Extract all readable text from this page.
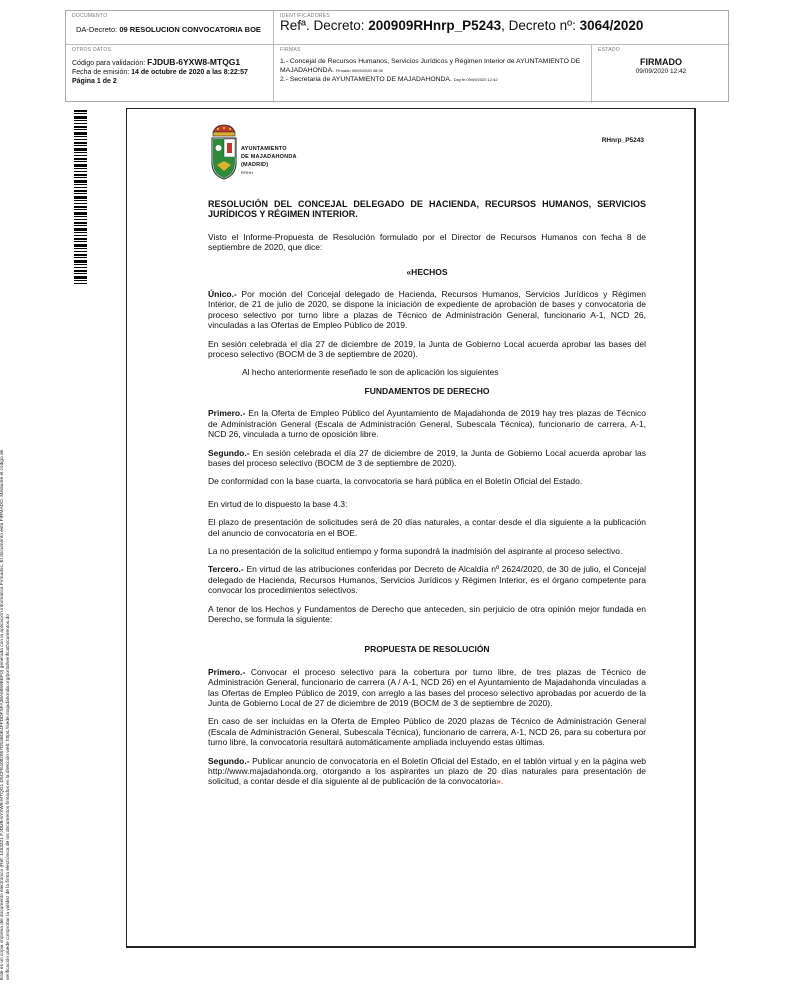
DOCUMENTO
DA-Decreto: 09 RESOLUCION CONVOCATORIA BOE
IDENTIFICADORES
Refª. Decreto: 200909RHnrp_P5243, Decreto nº: 3064/2020
OTROS DATOS
Código para validación: FJDUB-6YXW8-MTQG1
Fecha de emisión: 14 de octubre de 2020 a las 8:22:57
Página 1 de 2
FIRMAS
1.- Concejal de Recursos Humanos, Servicios Jurídicos y Régimen Interior de AYUNTAMIENTO DE MAJADAHONDA. Firmado 09/09/2020 08:36
2.- Secretaria de AYUNTAMIENTO DE MAJADAHONDA. Doy fe 09/09/2020 12:42
ESTADO
FIRMADO
09/09/2020 12:42
Este es un copia impresa del documento electrónico (Ref: 1463321 FJDUB-6YXW8-MTQG1 D5CFE4082857D536DE4FFDDFSFA38A6959EEF0) generada con la aplicación informática Firmadoc. El documento está FIRMADO. Mediante el código de verificación puede comprobar la validez de la firma electrónica de los documentos firmados en la dirección web: https://sede.majadahonda.org/portal/verificaDocumentos.do
AYUNTAMIENTO
DE MAJADAHONDA
(MADRID)
RRHH
RHnrp_P5243

RESOLUCIÓN DEL CONCEJAL DELEGADO DE HACIENDA, RECURSOS HUMANOS, SERVICIOS JURÍDICOS Y RÉGIMEN INTERIOR.

Visto el Informe-Propuesta de Resolución formulado por el Director de Recursos Humanos con fecha 8 de septiembre de 2020, que dice:

«HECHOS

Único.- Por moción del Concejal delegado de Hacienda, Recursos Humanos, Servicios Jurídicos y Régimen Interior, de 21 de julio de 2020, se dispone la iniciación de expediente de aprobación de bases y convocatoria de proceso selectivo por turno libre a plazas de Técnico de Administración General, funcionario A-1, NCD 26, vinculadas a las Ofertas de Empleo Público de 2019.

En sesión celebrada el día 27 de diciembre de 2019, la Junta de Gobierno Local acuerda aprobar las bases del proceso selectivo (BOCM de 3 de septiembre de 2020).

Al hecho anteriormente reseñado le son de aplicación los siguientes

FUNDAMENTOS DE DERECHO

Primero.- En la Oferta de Empleo Público del Ayuntamiento de Majadahonda de 2019 hay tres plazas de Técnico de Administración General (Escala de Administración General, Subescala Técnica), funcionario de carrera, A-1, NCD 26, vinculada a turno de oposición libre.

Segundo.- En sesión celebrada el día 27 de diciembre de 2019, la Junta de Gobierno Local acuerda aprobar las bases del proceso selectivo (BOCM de 3 de septiembre de 2020).

De conformidad con la base cuarta, la convocatoria se hará pública en el Boletín Oficial del Estado.

En virtud de lo dispuesto la base 4.3:

El plazo de presentación de solicitudes será de 20 días naturales, a contar desde el día siguiente a la publicación del anuncio de convocatoria en el BOE.

La no presentación de la solicitud entiempo y forma supondrá la inadmisión del aspirante al proceso selectivo.

Tercero.- En virtud de las atribuciones conferidas por Decreto de Alcaldía nº 2624/2020, de 30 de julio, el Concejal delegado de Hacienda, Recursos Humanos, Servicios Jurídicos y Régimen Interior, es el órgano competente para convocar los procedimientos selectivos.

A tenor de los Hechos y Fundamentos de Derecho que anteceden, sin perjuicio de otra opinión mejor fundada en Derecho, se formula la siguiente:

PROPUESTA DE RESOLUCIÓN

Primero.- Convocar el proceso selectivo para la cobertura por turno libre, de tres plazas de Técnico de Administración General, funcionario de carrera (A / A-1, NCD 26) en el Ayuntamiento de Majadahonda vinculadas a las Ofertas de Empleo Público de 2019, con arreglo a las bases del proceso selectivo aprobadas por acuerdo de la Junta de Gobierno Local de 27 de diciembre de 2019 (BOCM de 3 de septiembre de 2020).

En caso de ser incluidas en la Oferta de Empleo Público de 2020 plazas de Técnico de Administración General (Escala de Administración General, Subescala Técnica), funcionario de carrera, A-1, NCD 26, para su cobertura por turno libre, la convocatoria resultará automáticamente ampliada incluyendo estas últimas.

Segundo.- Publicar anuncio de convocatoria en el Boletín Oficial del Estado, en el tablón virtual y en la página web http://www.majadahonda.org, otorgando a los aspirantes un plazo de 20 días naturales para presentación de solicitud, a contar desde el día siguiente al de publicación de la convocatoria».
